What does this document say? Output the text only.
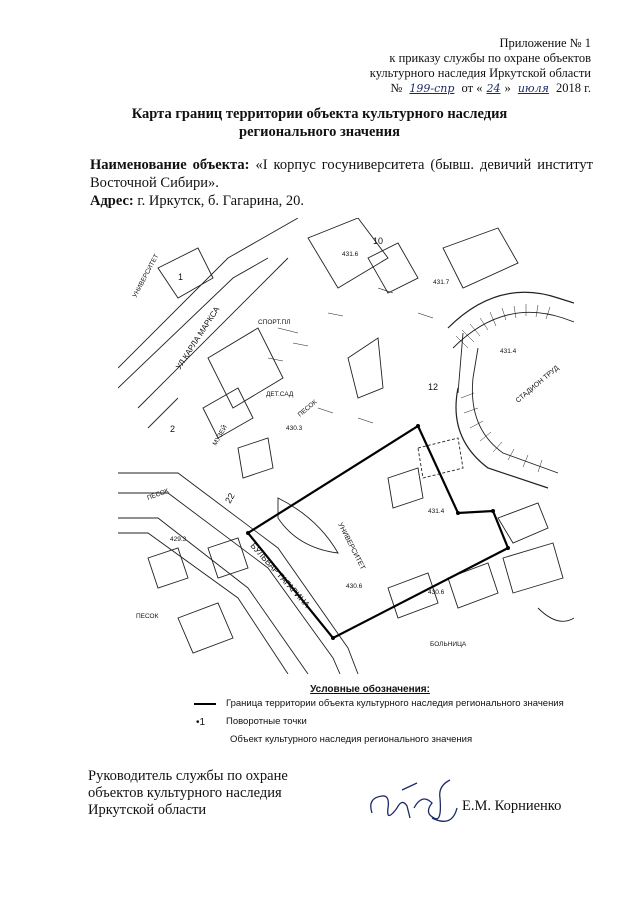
Приложение № 1
к приказу службы по охране объектов
культурного наследия Иркутской области
№ 199-спр от « 24 » июля 2018 г.
Карта границ территории объекта культурного наследия
регионального значения
Наименование объекта: «I корпус госуниверситета (бывш. девичий институт Восточной Сибири».
Адрес: г. Иркутск, б. Гагарина, 20.
УНИВЕРСИТЕТ
УЛ.КАРЛА МАРКСА	СПОРТ.ПЛ
СТАДИОН ТРУД
БУЛЬВАР ГАГАРИНА	УНИВЕРСИТЕТ
МУЗЕЙ
ДЕТ.САД
БОЛЬНИЦА
ПЕСОК
ПЕСОК
ПЕСОК
431.6
431.7
431.4
430.3
431.4
430.6
430.6
429.3
22
12
10
2
1
Условные обозначения:
Граница территории объекта культурного наследия регионального значения
•1 Поворотные точки
Объект культурного наследия регионального значения
Руководитель службы по охране
объектов культурного наследия
Иркутской области	Е.М. Корниенко
